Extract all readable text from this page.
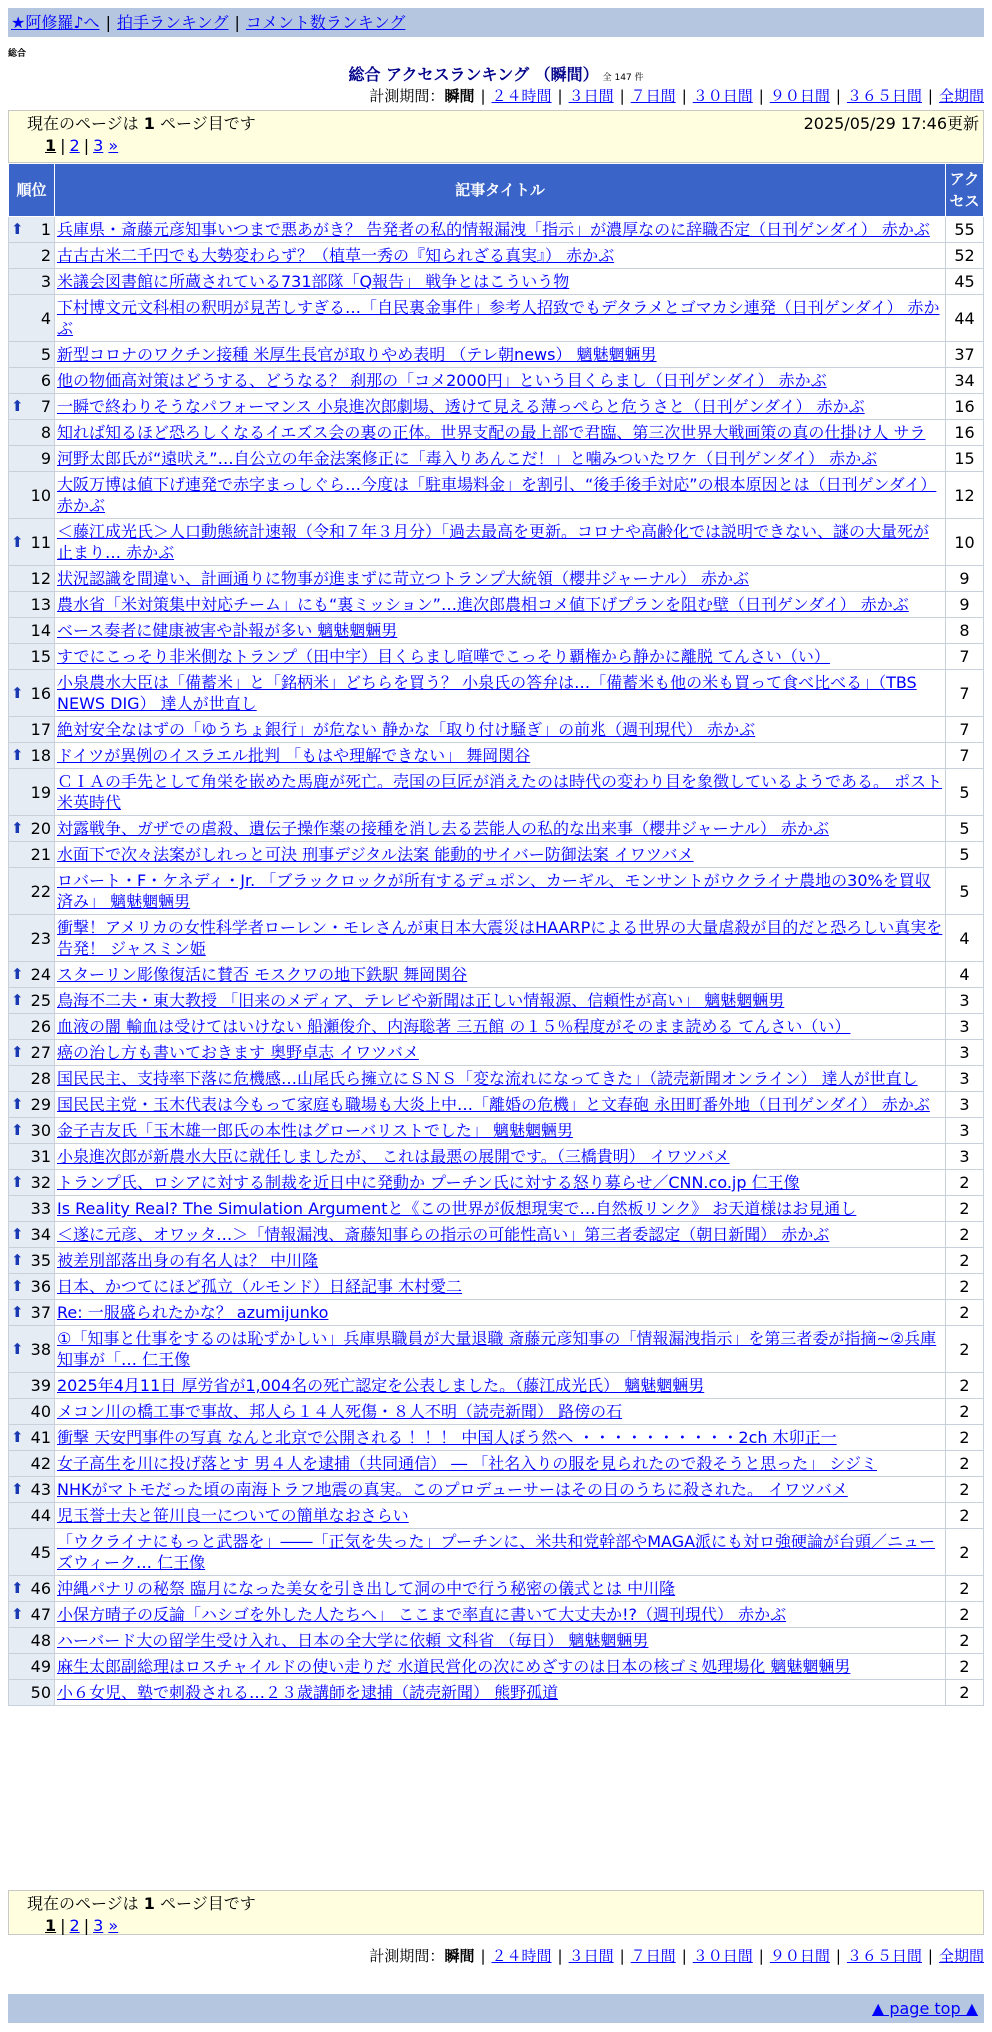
★阿修羅♪へ | 拍手ランキング | コメント数ランキング
総合
総合 アクセスランキング （瞬間） 全 147 件
計測期間：瞬間 | ２４時間 | ３日間 | ７日間 | ３０日間 | ９０日間 | ３６５日間 | 全期間
現在のページは 1 ページ目です	2025/05/29 17:46更新
1 | 2 | 3 »
順位	記事タイトル	アクセス

⬆ 1	兵庫県・斎藤元彦知事いつまで悪あがき？ 告発者の私的情報漏洩「指示」が濃厚なのに辞職否定（日刊ゲンダイ） 赤かぶ	55
2	古古古米二千円でも大勢変わらず？（植草一秀の『知られざる真実』） 赤かぶ	52
3	米議会図書館に所蔵されている731部隊「Q報告」 戦争とはこういう物	45
4	下村博文元文科相の釈明が見苦しすぎる…「自民裏金事件」参考人招致でもデタラメとゴマカシ連発（日刊ゲンダイ） 赤かぶ	44
5	新型コロナのワクチン接種 米厚生長官が取りやめ表明 （テレ朝news） 魑魅魍魎男	37
6	他の物価高対策はどうする、どうなる？ 刹那の「コメ2000円」という目くらまし（日刊ゲンダイ） 赤かぶ	34

⬆ 7	一瞬で終わりそうなパフォーマンス 小泉進次郎劇場、透けて見える薄っぺらと危うさと（日刊ゲンダイ） 赤かぶ	16
8	知れば知るほど恐ろしくなるイエズス会の裏の正体。世界支配の最上部で君臨、第三次世界大戦画策の真の仕掛け人 サラ	16
9	河野太郎氏が“遠吠え”…自公立の年金法案修正に「毒入りあんこだ！」と噛みついたワケ（日刊ゲンダイ） 赤かぶ	15
10	大阪万博は値下げ連発で赤字まっしぐら…今度は「駐車場料金」を割引、“後手後手対応”の根本原因とは（日刊ゲンダイ） 赤かぶ	12

⬆ 11	＜藤江成光氏＞人口動態統計速報（令和７年３月分）「過去最高を更新。コロナや高齢化では説明できない、謎の大量死が止まり… 赤かぶ	10
12	状況認識を間違い、計画通りに物事が進まずに苛立つトランプ大統領（櫻井ジャーナル） 赤かぶ	9
13	農水省「米対策集中対応チーム」にも“裏ミッション”…進次郎農相コメ値下げプランを阻む壁（日刊ゲンダイ） 赤かぶ	9
14	ベース奏者に健康被害や訃報が多い 魑魅魍魎男	8
15	すでにこっそり非米側なトランプ（田中宇）目くらまし喧嘩でこっそり覇権から静かに離脱 てんさい（い）	7

⬆ 16	小泉農水大臣は「備蓄米」と「銘柄米」どちらを買う？ 小泉氏の答弁は…「備蓄米も他の米も買って食べ比べる」（TBS NEWS DIG） 達人が世直し	7
17	絶対安全なはずの「ゆうちょ銀行」が危ない 静かな「取り付け騒ぎ」の前兆（週刊現代） 赤かぶ	7

⬆ 18	ドイツが異例のイスラエル批判 「もはや理解できない」 舞岡関谷	7
19	ＣＩＡの手先として角栄を嵌めた馬鹿が死亡。売国の巨匠が消えたのは時代の変わり目を象徴しているようである。 ポスト米英時代	5

⬆ 20	対露戦争、ガザでの虐殺、遺伝子操作薬の接種を消し去る芸能人の私的な出来事（櫻井ジャーナル） 赤かぶ	5
21	水面下で次々法案がしれっと可決 刑事デジタル法案 能動的サイバー防御法案 イワツバメ	5
22	ロバート・F・ケネディ・Jr. 「ブラックロックが所有するデュポン、カーギル、モンサントがウクライナ農地の30%を買収済み」 魑魅魍魎男	5
23	衝撃！アメリカの女性科学者ローレン・モレさんが東日本大震災はHAARPによる世界の大量虐殺が目的だと恐ろしい真実を告発！ ジャスミン姫	4

⬆ 24	スターリン彫像復活に賛否 モスクワの地下鉄駅 舞岡関谷	4

⬆ 25	鳥海不二夫・東大教授 「旧来のメディア、テレビや新聞は正しい情報源、信頼性が高い」 魑魅魍魎男	3
26	血液の闇 輸血は受けてはいけない 船瀬俊介、内海聡著 三五館 の１５％程度がそのまま読める てんさい（い）	3

⬆ 27	癌の治し方も書いておきます 奥野卓志 イワツバメ	3
28	国民民主、支持率下落に危機感…山尾氏ら擁立にＳＮＳ「変な流れになってきた」（読売新聞オンライン） 達人が世直し	3

⬆ 29	国民民主党・玉木代表は今もって家庭も職場も大炎上中…「離婚の危機」と文春砲 永田町番外地（日刊ゲンダイ） 赤かぶ	3

⬆ 30	金子吉友氏「玉木雄一郎氏の本性はグローバリストでした」 魑魅魍魎男	3
31	小泉進次郎が新農水大臣に就任しましたが、 これは最悪の展開です。（三橋貴明） イワツバメ	3

⬆ 32	トランプ氏、ロシアに対する制裁を近日中に発動か プーチン氏に対する怒り募らせ／CNN.co.jp 仁王像	2
33	Is Reality Real? The Simulation Argumentと《この世界が仮想現実で…自然板リンク》 お天道様はお見通し	2

⬆ 34	＜遂に元彦、オワッタ…＞「情報漏洩、斎藤知事らの指示の可能性高い」第三者委認定（朝日新聞） 赤かぶ	2

⬆ 35	被差別部落出身の有名人は？ 中川隆	2

⬆ 36	日本、かつてにほど孤立（ルモンド）日経記事 木村愛二	2

⬆ 37	Re: 一服盛られたかな？ azumijunko	2

⬆ 38	①「知事と仕事をするのは恥ずかしい」兵庫県職員が大量退職 斎藤元彦知事の「情報漏洩指示」を第三者委が指摘~②兵庫知事が「… 仁王像	2
39	2025年4月11日 厚労省が1,004名の死亡認定を公表しました。（藤江成光氏） 魑魅魍魎男	2
40	メコン川の橋工事で事故、邦人ら１４人死傷・８人不明（読売新聞） 路傍の石	2

⬆ 41	衝撃 天安門事件の写真 なんと北京で公開される ！！！ 中国人ぼう然へ ・・・・・・・・・・2ch 木卯正一	2
42	女子高生を川に投げ落とす 男４人を逮捕（共同通信） ― 「社名入りの服を見られたので殺そうと思った」 シジミ	2

⬆ 43	NHKがマトモだった頃の南海トラフ地震の真実。このプロデューサーはその日のうちに殺された。 イワツバメ	2
44	児玉誉士夫と笹川良一についての簡単なおさらい	2
45	「ウクライナにもっと武器を」――「正気を失った」プーチンに、米共和党幹部やMAGA派にも対ロ強硬論が台頭／ニューズウィーク… 仁王像	2

⬆ 46	沖縄パナリの秘祭 臨月になった美女を引き出して洞の中で行う秘密の儀式とは 中川隆	2

⬆ 47	小保方晴子の反論「ハシゴを外した人たちへ」 ここまで率直に書いて大丈夫か!?（週刊現代） 赤かぶ	2
48	ハーバード大の留学生受け入れ、日本の全大学に依頼 文科省 （毎日） 魑魅魍魎男	2
49	麻生太郎副総理はロスチャイルドの使い走りだ 水道民営化の次にめざすのは日本の核ゴミ処理場化 魑魅魍魎男	2
50	小６女児、塾で刺殺される…２３歳講師を逮捕（読売新聞） 熊野孤道	2
現在のページは 1 ページ目です
1 | 2 | 3 »
計測期間：瞬間 | ２４時間 | ３日間 | ７日間 | ３０日間 | ９０日間 | ３６５日間 | 全期間
▲ page top ▲
